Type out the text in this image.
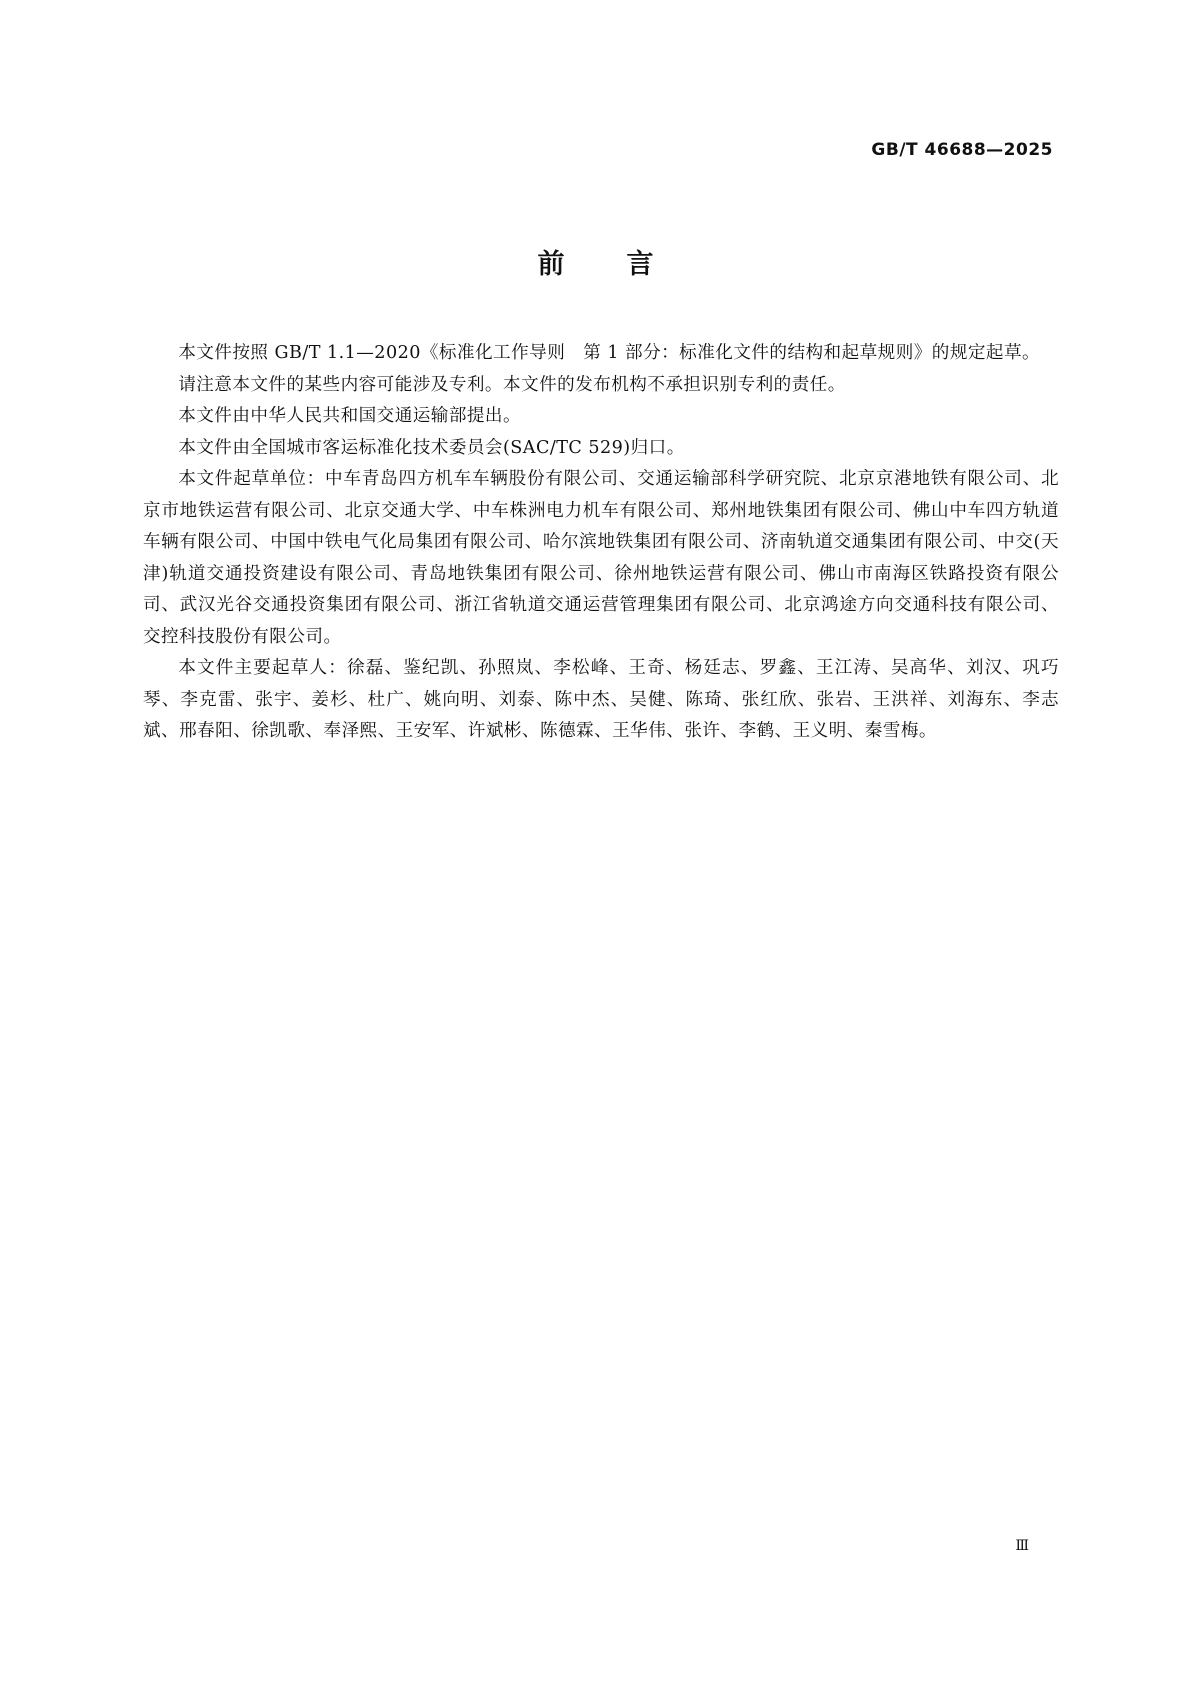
GB/T 46688—2025
前 言

本文件按照 GB/T 1.1—2020《标准化工作导则　第 1 部分：标准化文件的结构和起草规则》的规定起草。

请注意本文件的某些内容可能涉及专利。本文件的发布机构不承担识别专利的责任。

本文件由中华人民共和国交通运输部提出。

本文件由全国城市客运标准化技术委员会(SAC/TC 529)归口。

本文件起草单位：中车青岛四方机车车辆股份有限公司、交通运输部科学研究院、北京京港地铁有限公司、北京市地铁运营有限公司、北京交通大学、中车株洲电力机车有限公司、郑州地铁集团有限公司、佛山中车四方轨道车辆有限公司、中国中铁电气化局集团有限公司、哈尔滨地铁集团有限公司、济南轨道交通集团有限公司、中交(天津)轨道交通投资建设有限公司、青岛地铁集团有限公司、徐州地铁运营有限公司、佛山市南海区铁路投资有限公司、武汉光谷交通投资集团有限公司、浙江省轨道交通运营管理集团有限公司、北京鸿途方向交通科技有限公司、交控科技股份有限公司。

本文件主要起草人：徐磊、鉴纪凯、孙照岚、李松峰、王奇、杨廷志、罗鑫、王江涛、吴高华、刘汉、巩巧琴、李克雷、张宇、姜杉、杜广、姚向明、刘泰、陈中杰、吴健、陈琦、张红欣、张岩、王洪祥、刘海东、李志斌、邢春阳、徐凯歌、奉泽熙、王安军、许斌彬、陈德霖、王华伟、张许、李鹤、王义明、秦雪梅。

Ⅲ
